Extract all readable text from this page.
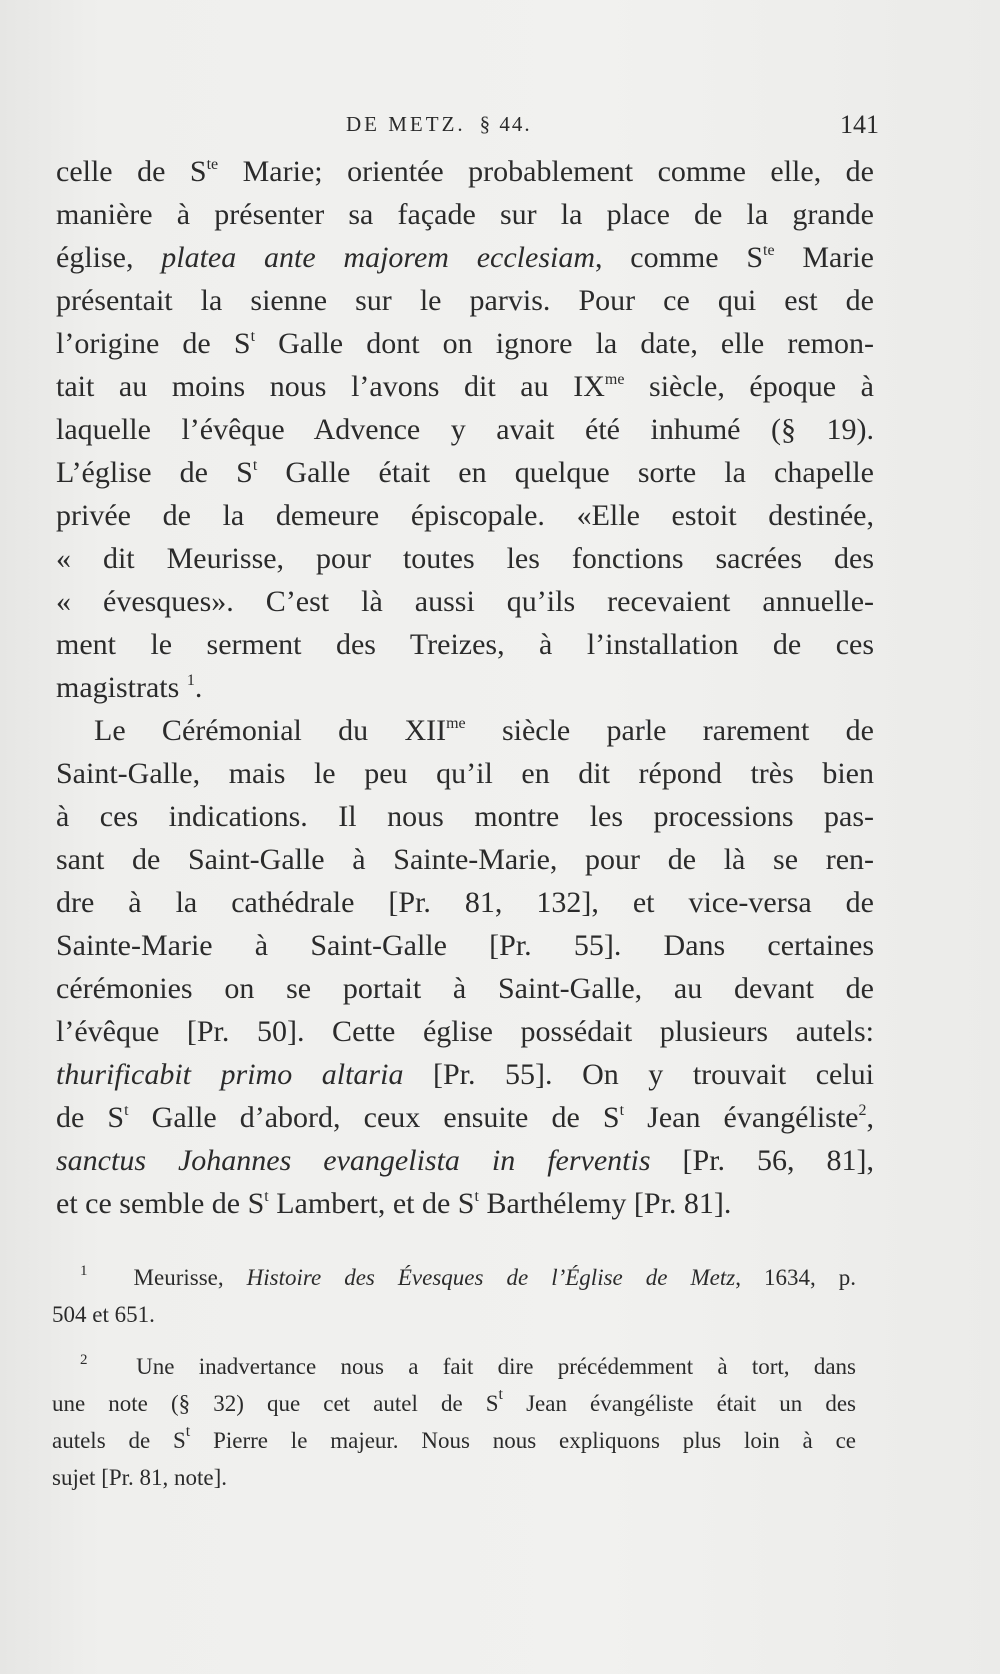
DE METZ. § 44.	141
celle de $S^{te}$ Marie; orientée probablement comme elle, de
manière à présenter sa façade sur la place de la grande
église, platea ante majorem ecclesiam, comme $S^{te}$ Marie
présentait la sienne sur le parvis. Pour ce qui est de
l’origine de $S^t$ Galle dont on ignore la date, elle remon-
tait au moins nous l’avons dit au $IX^{me}$ siècle, époque à
laquelle l’évêque Advence y avait été inhumé (§ 19).
L’église de $S^t$ Galle était en quelque sorte la chapelle
privée de la demeure épiscopale. «Elle estoit destinée,
« dit Meurisse, pour toutes les fonctions sacrées des
« évesques». C’est là aussi qu’ils recevaient annuelle-
ment le serment des Treizes, à l’installation de ces
magistrats $^1$.
Le Cérémonial du $XII^{me}$ siècle parle rarement de
Saint-Galle, mais le peu qu’il en dit répond très bien
à ces indications. Il nous montre les processions pas-
sant de Saint-Galle à Sainte-Marie, pour de là se ren-
dre à la cathédrale [Pr. 81, 132], et vice-versa de
Sainte-Marie à Saint-Galle [Pr. 55]. Dans certaines
cérémonies on se portait à Saint-Galle, au devant de
l’évêque [Pr. 50]. Cette église possédait plusieurs autels:
thurificabit primo altaria [Pr. 55]. On y trouvait celui
de $S^t$ Galle d’abord, ceux ensuite de $S^t$ Jean évangéliste$^2$,
sanctus Johannes evangelista in ferventis [Pr. 56, 81],
et ce semble de $S^t$ Lambert, et de $S^t$ Barthélemy [Pr. 81].
$^1$ Meurisse, Histoire des Évesques de l’Église de Metz, 1634, p.
504 et 651.
$^2$ Une inadvertance nous a fait dire précédemment à tort, dans
une note (§ 32) que cet autel de $S^t$ Jean évangéliste était un des
autels de $S^t$ Pierre le majeur. Nous nous expliquons plus loin à ce
sujet [Pr. 81, note].
